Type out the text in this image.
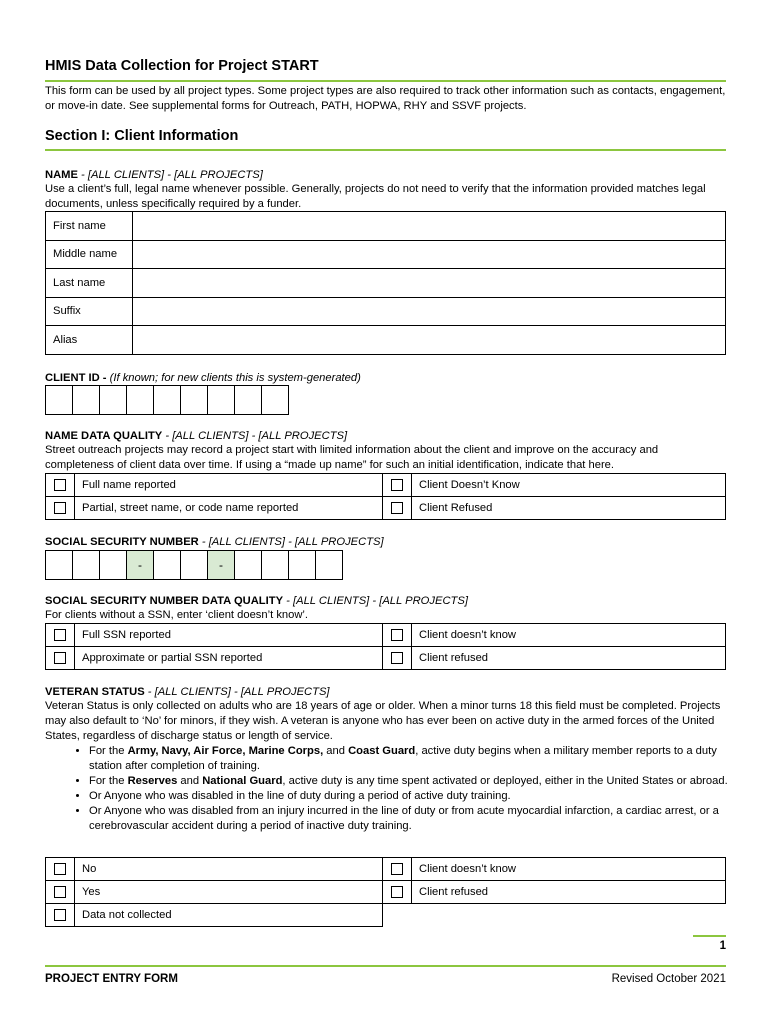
HMIS Data Collection for Project START
This form can be used by all project types. Some project types are also required to track other information such as contacts, engagement, or move-in date. See supplemental forms for Outreach, PATH, HOPWA, RHY and SSVF projects.
Section I: Client Information
NAME - [ALL CLIENTS] - [ALL PROJECTS]
Use a client’s full, legal name whenever possible. Generally, projects do not need to verify that the information provided matches legal documents, unless specifically required by a funder.
First name	
Middle name	
Last name	
Suffix	
Alias	
CLIENT ID - (If known; for new clients this is system-generated)
NAME DATA QUALITY - [ALL CLIENTS] - [ALL PROJECTS]
Street outreach projects may record a project start with limited information about the client and improve on the accuracy and completeness of client data over time. If using a “made up name” for such an initial identification, indicate that here.
	Full name reported		Client Doesn’t Know
	Partial, street name, or code name reported		Client Refused
SOCIAL SECURITY NUMBER - [ALL CLIENTS] - [ALL PROJECTS]
-	-
SOCIAL SECURITY NUMBER DATA QUALITY - [ALL CLIENTS] - [ALL PROJECTS]
For clients without a SSN, enter ‘client doesn’t know’.
	Full SSN reported		Client doesn’t know
	Approximate or partial SSN reported		Client refused
VETERAN STATUS - [ALL CLIENTS] - [ALL PROJECTS]
Veteran Status is only collected on adults who are 18 years of age or older. When a minor turns 18 this field must be completed. Projects may also default to ‘No’ for minors, if they wish. A veteran is anyone who has ever been on active duty in the armed forces of the United States, regardless of discharge status or length of service.
• For the Army, Navy, Air Force, Marine Corps, and Coast Guard, active duty begins when a military member reports to a duty station after completion of training.
• For the Reserves and National Guard, active duty is any time spent activated or deployed, either in the United States or abroad.
• Or Anyone who was disabled in the line of duty during a period of active duty training.
• Or Anyone who was disabled from an injury incurred in the line of duty or from acute myocardial infarction, a cardiac arrest, or a cerebrovascular accident during a period of inactive duty training.
	No		Client doesn’t know
	Yes		Client refused
	Data not collected		
1
PROJECT ENTRY FORM	Revised October 2021
